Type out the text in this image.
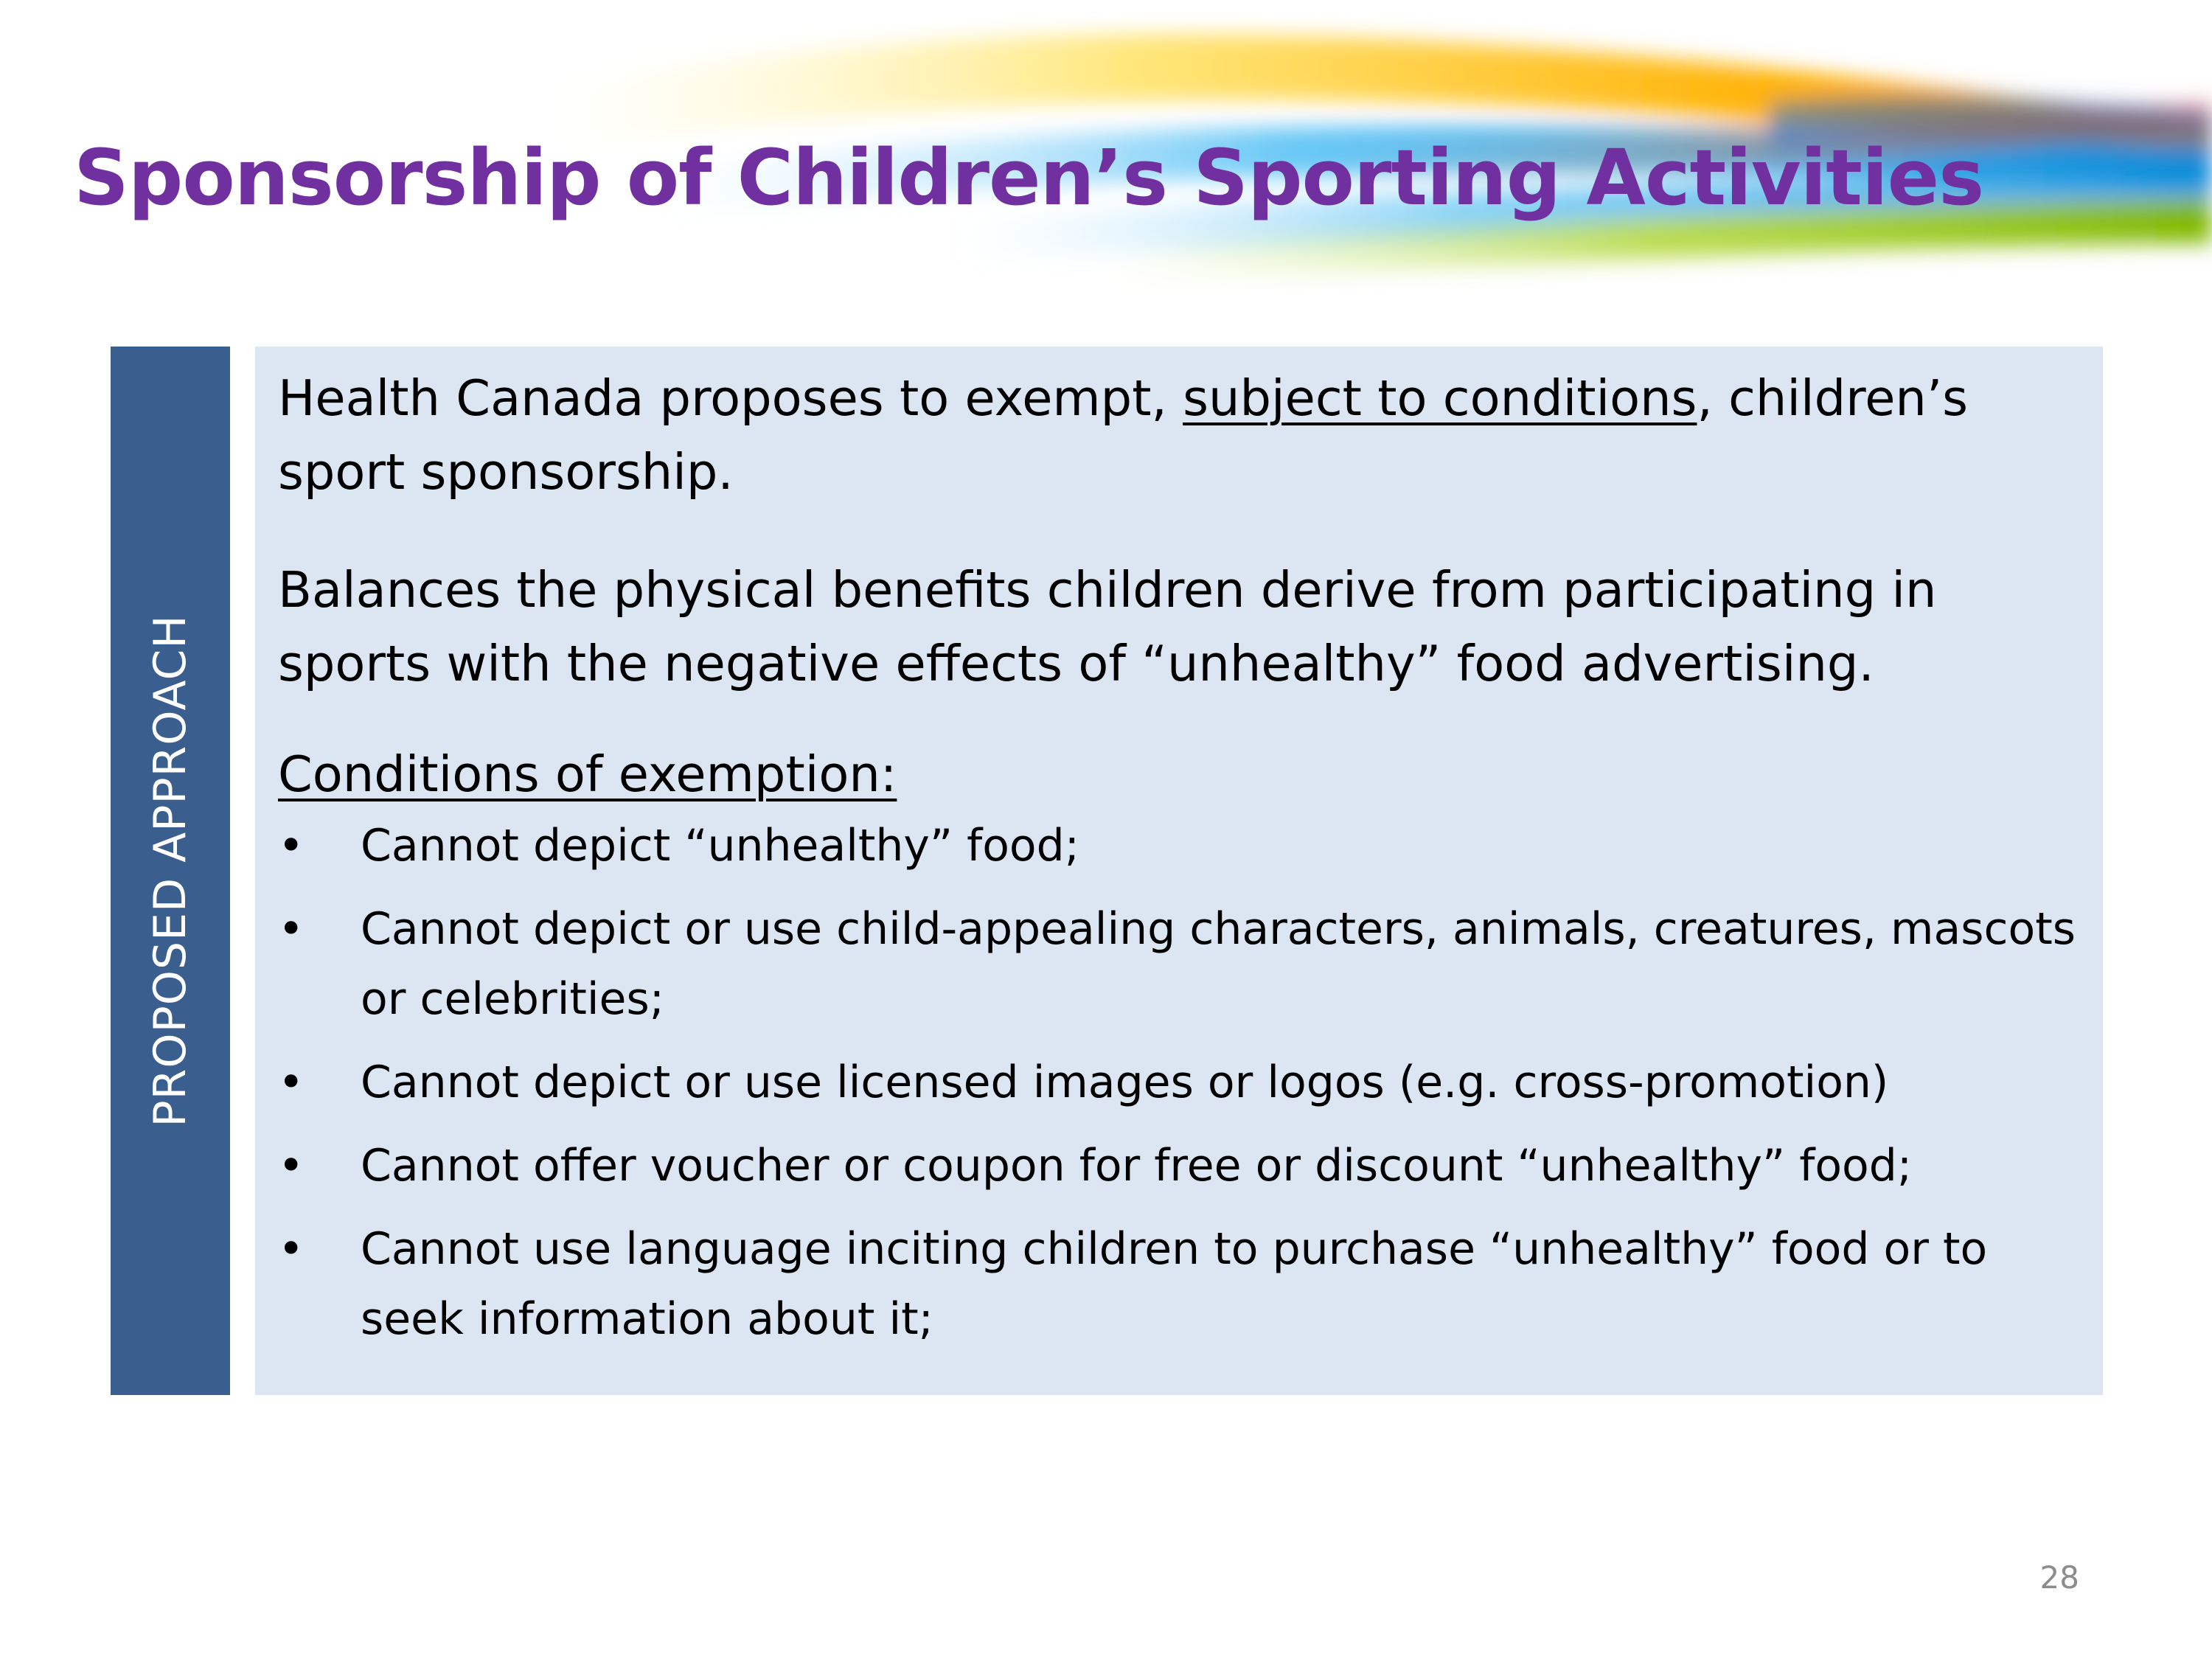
Sponsorship of Children’s Sporting Activities
PROPOSED APPROACH

Health Canada proposes to exempt, subject to conditions, children’s sport sponsorship.

Balances the physical benefits children derive from participating in sports with the negative effects of “unhealthy” food advertising.

Conditions of exemption:

• Cannot depict “unhealthy” food;
• Cannot depict or use child-appealing characters, animals, creatures, mascots or celebrities;
• Cannot depict or use licensed images or logos (e.g. cross-promotion)
• Cannot offer voucher or coupon for free or discount “unhealthy” food;
• Cannot use language inciting children to purchase “unhealthy” food or to seek information about it;
28
